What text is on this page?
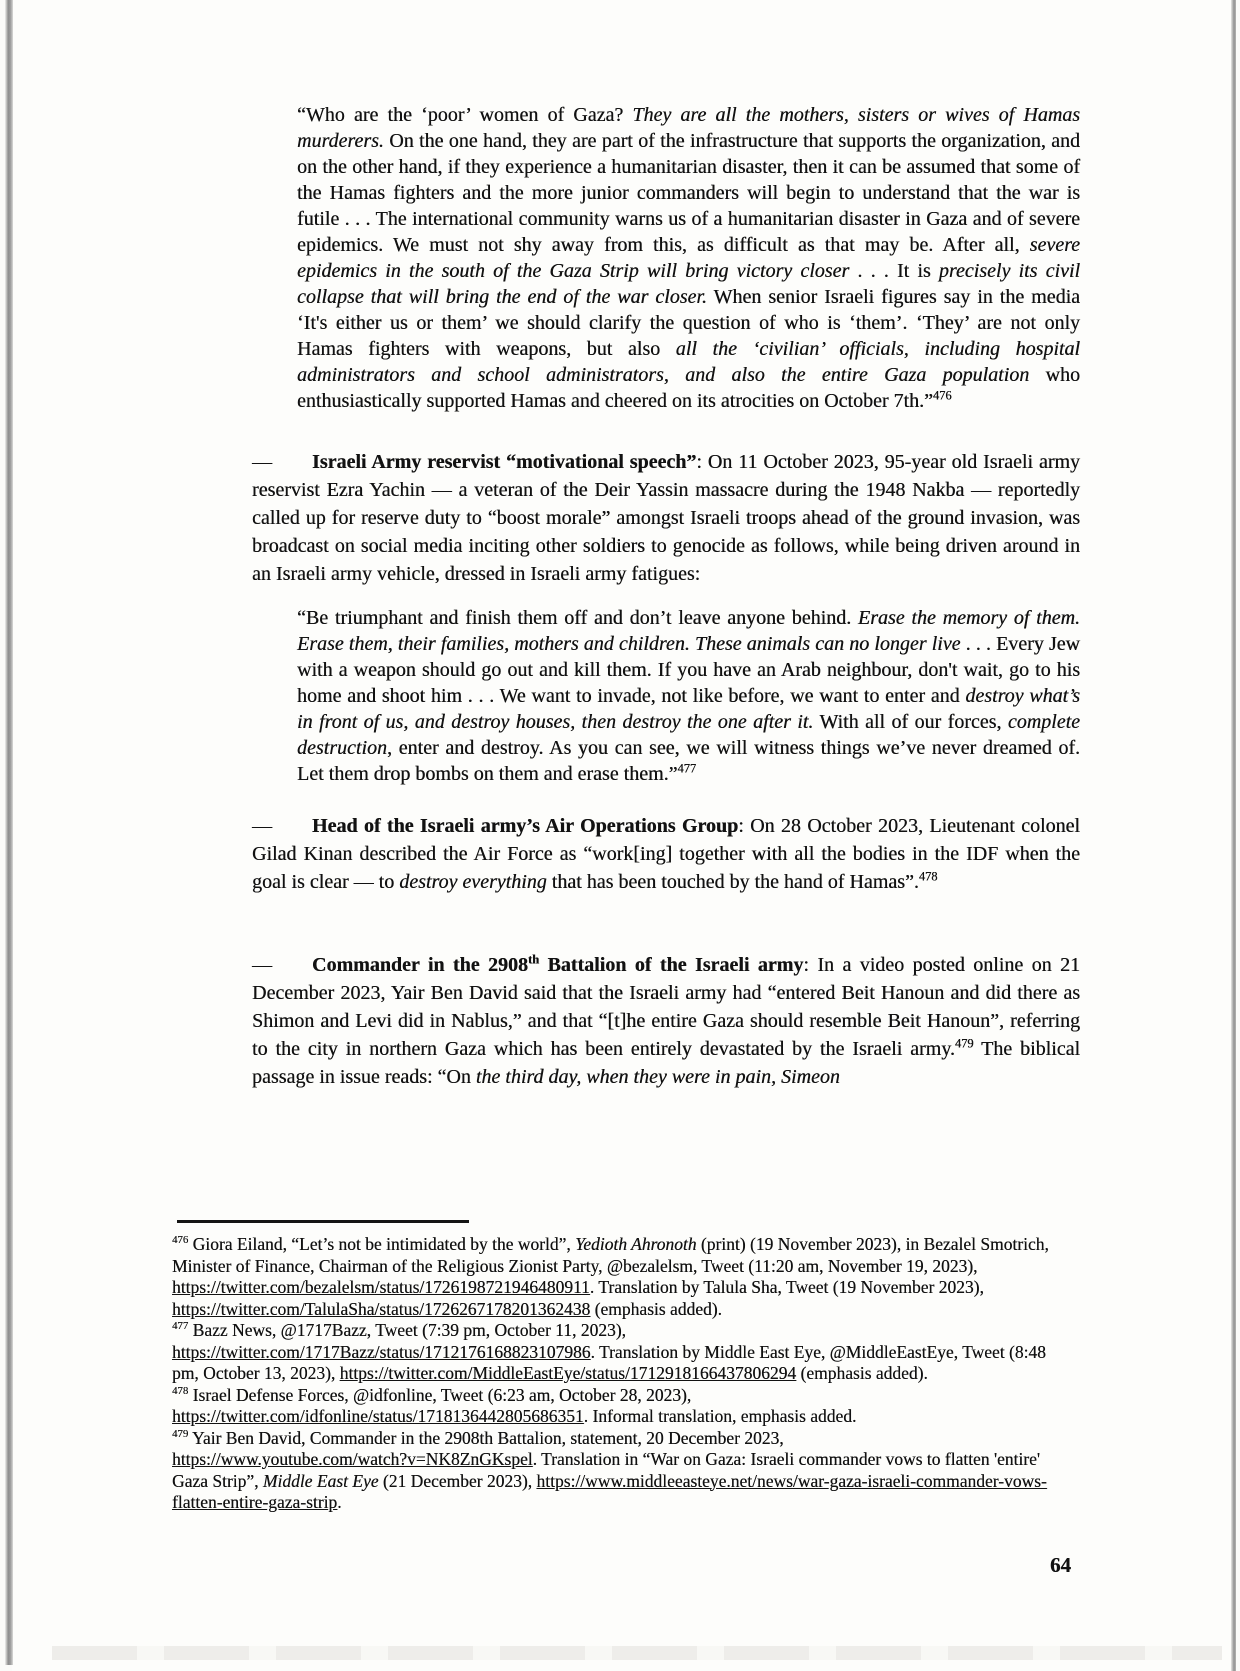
“Who are the ‘poor’ women of Gaza? They are all the mothers, sisters or wives of Hamas murderers. On the one hand, they are part of the infrastructure that supports the organization, and on the other hand, if they experience a humanitarian disaster, then it can be assumed that some of the Hamas fighters and the more junior commanders will begin to understand that the war is futile . . . The international community warns us of a humanitarian disaster in Gaza and of severe epidemics. We must not shy away from this, as difficult as that may be. After all, severe epidemics in the south of the Gaza Strip will bring victory closer . . . It is precisely its civil collapse that will bring the end of the war closer. When senior Israeli figures say in the media ‘It's either us or them’ we should clarify the question of who is ‘them’. ‘They’ are not only Hamas fighters with weapons, but also all the ‘civilian’ officials, including hospital administrators and school administrators, and also the entire Gaza population who enthusiastically supported Hamas and cheered on its atrocities on October 7th.”$^{476}$
— Israeli Army reservist “motivational speech”: On 11 October 2023, 95-year old Israeli army reservist Ezra Yachin — a veteran of the Deir Yassin massacre during the 1948 Nakba — reportedly called up for reserve duty to “boost morale” amongst Israeli troops ahead of the ground invasion, was broadcast on social media inciting other soldiers to genocide as follows, while being driven around in an Israeli army vehicle, dressed in Israeli army fatigues:
“Be triumphant and finish them off and don’t leave anyone behind. Erase the memory of them. Erase them, their families, mothers and children. These animals can no longer live . . . Every Jew with a weapon should go out and kill them. If you have an Arab neighbour, don't wait, go to his home and shoot him . . . We want to invade, not like before, we want to enter and destroy what’s in front of us, and destroy houses, then destroy the one after it. With all of our forces, complete destruction, enter and destroy. As you can see, we will witness things we’ve never dreamed of. Let them drop bombs on them and erase them.”$^{477}$
— Head of the Israeli army’s Air Operations Group: On 28 October 2023, Lieutenant colonel Gilad Kinan described the Air Force as “work[ing] together with all the bodies in the IDF when the goal is clear — to destroy everything that has been touched by the hand of Hamas”.$^{478}$
— Commander in the 2908th Battalion of the Israeli army: In a video posted online on 21 December 2023, Yair Ben David said that the Israeli army had “entered Beit Hanoun and did there as Shimon and Levi did in Nablus,” and that “[t]he entire Gaza should resemble Beit Hanoun”, referring to the city in northern Gaza which has been entirely devastated by the Israeli army.$^{479}$ The biblical passage in issue reads: “On the third day, when they were in pain, Simeon

$^{476}$ Giora Eiland, “Let’s not be intimidated by the world”, Yedioth Ahronoth (print) (19 November 2023), in Bezalel Smotrich, Minister of Finance, Chairman of the Religious Zionist Party, @bezalelsm, Tweet (11:20 am, November 19, 2023), https://twitter.com/bezalelsm/status/1726198721946480911. Translation by Talula Sha, Tweet (19 November 2023), https://twitter.com/TalulaSha/status/1726267178201362438 (emphasis added).

$^{477}$ Bazz News, @1717Bazz, Tweet (7:39 pm, October 11, 2023),
https://twitter.com/1717Bazz/status/1712176168823107986. Translation by Middle East Eye, @MiddleEastEye, Tweet (8:48 pm, October 13, 2023), https://twitter.com/MiddleEastEye/status/1712918166437806294 (emphasis added).

$^{478}$ Israel Defense Forces, @idfonline, Tweet (6:23 am, October 28, 2023),
https://twitter.com/idfonline/status/1718136442805686351. Informal translation, emphasis added.

$^{479}$ Yair Ben David, Commander in the 2908th Battalion, statement, 20 December 2023,
https://www.youtube.com/watch?v=NK8ZnGKspel. Translation in “War on Gaza: Israeli commander vows to flatten 'entire' Gaza Strip”, Middle East Eye (21 December 2023), https://www.middleeasteye.net/news/war-gaza-israeli-commander-vows-flatten-entire-gaza-strip.

64
